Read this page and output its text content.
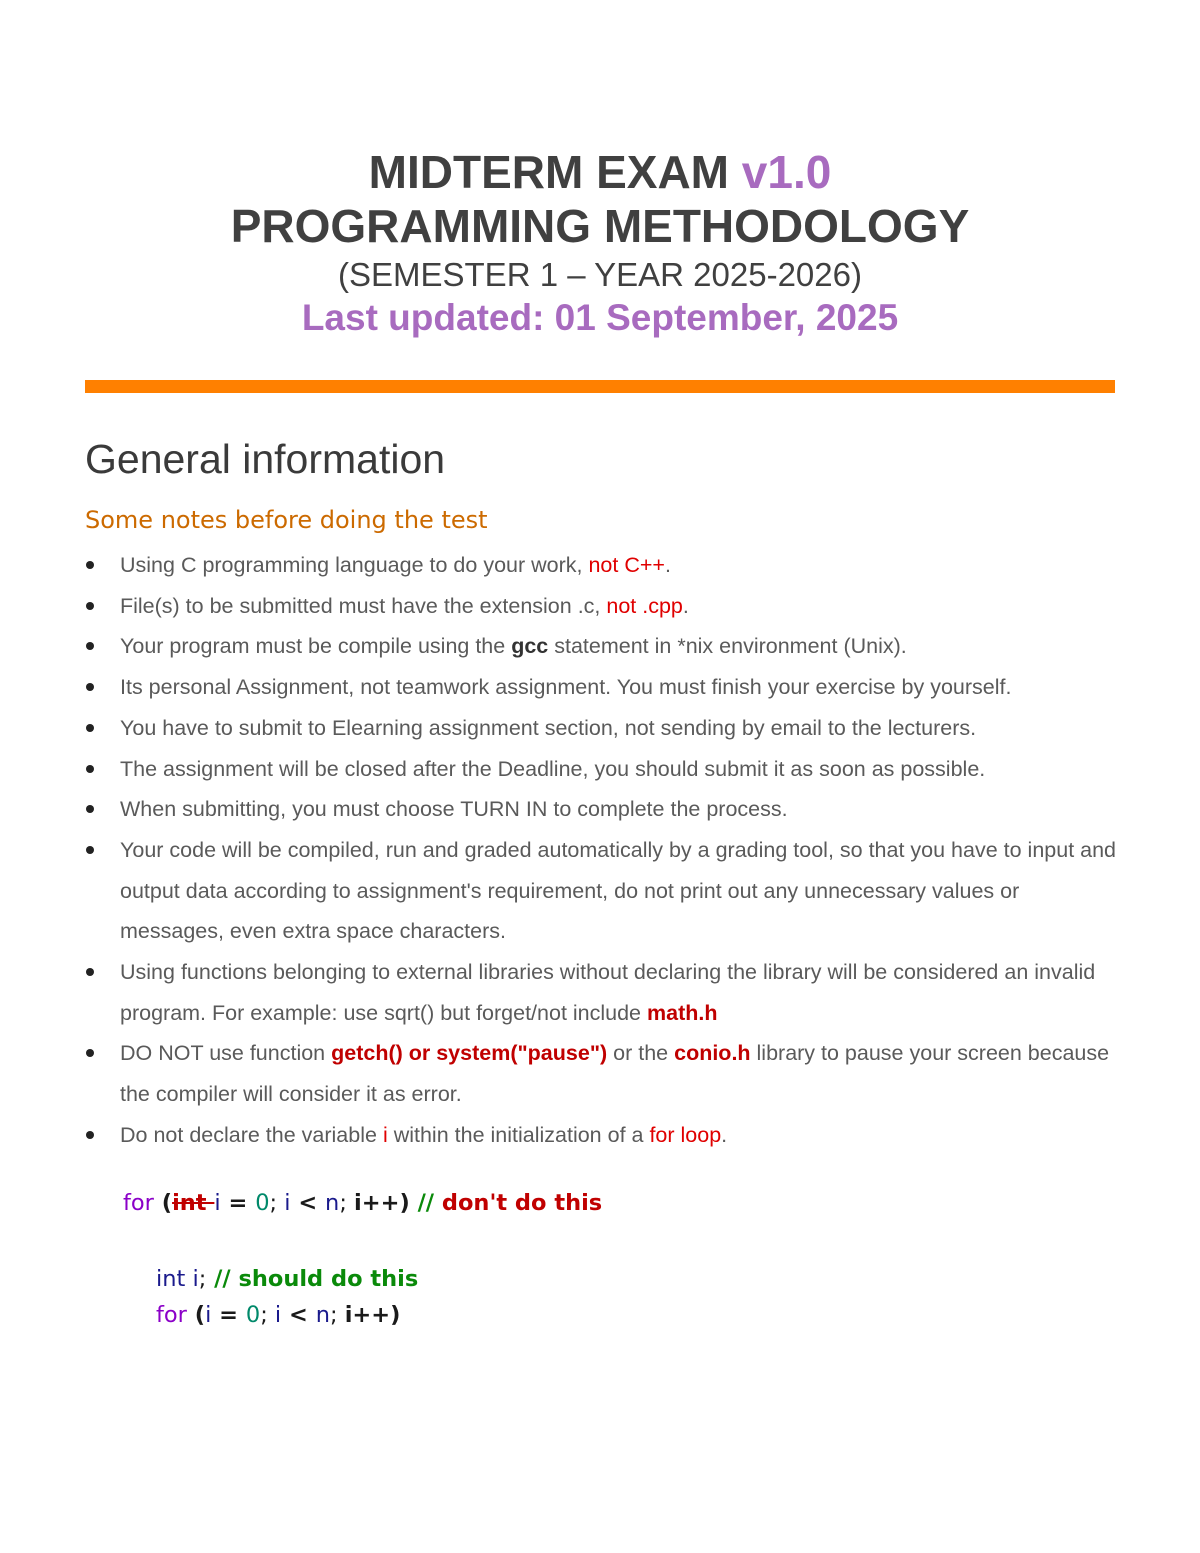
MIDTERM EXAM v1.0
PROGRAMMING METHODOLOGY
(SEMESTER 1 – YEAR 2025-2026)
Last updated: 01 September, 2025
General information
Some notes before doing the test
Using C programming language to do your work, not C++.
File(s) to be submitted must have the extension .c, not .cpp.
Your program must be compile using the gcc statement in *nix environment (Unix).
Its personal Assignment, not teamwork assignment. You must finish your exercise by yourself.
You have to submit to Elearning assignment section, not sending by email to the lecturers.
The assignment will be closed after the Deadline, you should submit it as soon as possible.
When submitting, you must choose TURN IN to complete the process.
Your code will be compiled, run and graded automatically by a grading tool, so that you have to input and output data according to assignment's requirement, do not print out any unnecessary values or messages, even extra space characters.
Using functions belonging to external libraries without declaring the library will be considered an invalid program. For example: use sqrt() but forget/not include math.h
DO NOT use function getch() or system("pause") or the conio.h library to pause your screen because the compiler will consider it as error.
Do not declare the variable i within the initialization of a for loop.
for (int i = 0; i < n; i++) // don't do this
int i; // should do this
for (i = 0; i < n; i++)
